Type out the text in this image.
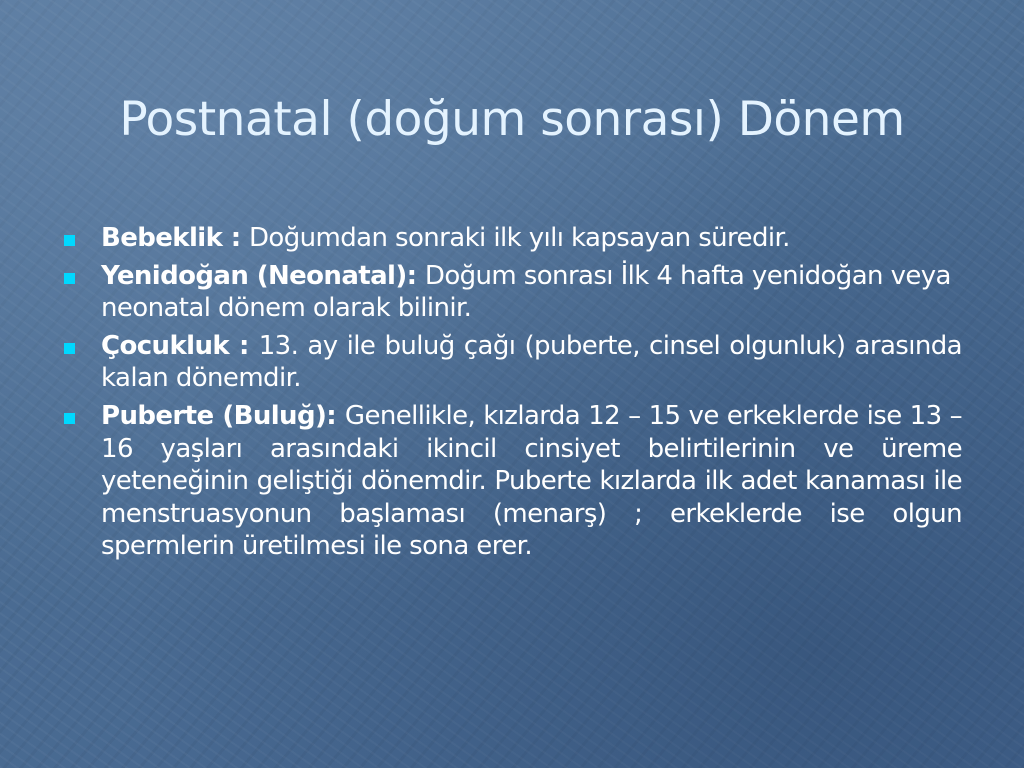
Postnatal (doğum sonrası) Dönem
Bebeklik : Doğumdan sonraki ilk yılı kapsayan süredir.
Yenidoğan (Neonatal): Doğum sonrası İlk 4 hafta yenidoğan veya neonatal dönem olarak bilinir.
Çocukluk : 13. ay ile buluğ çağı (puberte, cinsel olgunluk) arasında kalan dönemdir.
Puberte (Buluğ): Genellikle, kızlarda 12 – 15 ve erkeklerde ise 13 – 16 yaşları arasındaki ikincil cinsiyet belirtilerinin ve üreme yeteneğinin geliştiği dönemdir. Puberte kızlarda ilk adet kanaması ile menstruasyonun başlaması (menarş) ; erkeklerde ise olgun spermlerin üretilmesi ile sona erer.
